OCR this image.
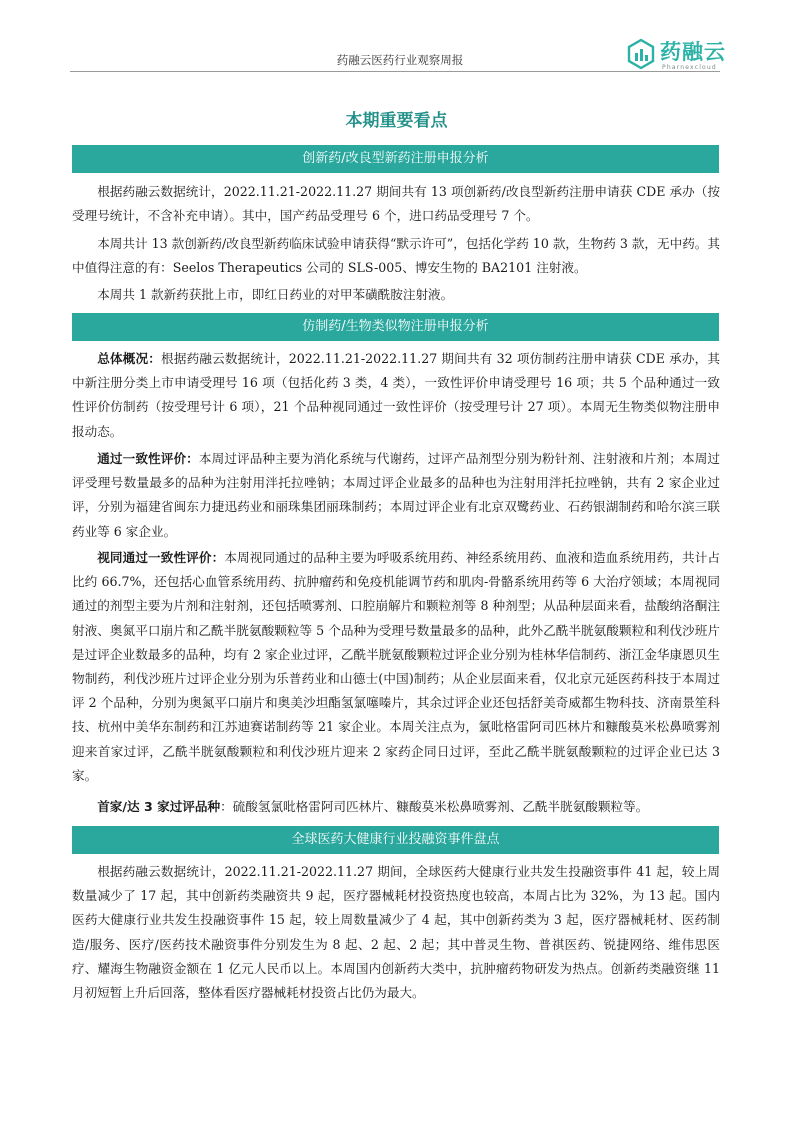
药融云医药行业观察周报	药融云
Pharnexcloud
本期重要看点
创新药/改良型新药注册申报分析

根据药融云数据统计，2022.11.21-2022.11.27 期间共有 13 项创新药/改良型新药注册申请获 CDE 承办（按受理号统计，不含补充申请）。其中，国产药品受理号 6 个，进口药品受理号 7 个。

本周共计 13 款创新药/改良型新药临床试验申请获得“默示许可”，包括化学药 10 款，生物药 3 款，无中药。其中值得注意的有：Seelos Therapeutics 公司的 SLS-005、博安生物的 BA2101 注射液。

本周共 1 款新药获批上市，即红日药业的对甲苯磺酰胺注射液。

仿制药/生物类似物注册申报分析

总体概况：根据药融云数据统计，2022.11.21-2022.11.27 期间共有 32 项仿制药注册申请获 CDE 承办，其中新注册分类上市申请受理号 16 项（包括化药 3 类，4 类），一致性评价申请受理号 16 项；共 5 个品种通过一致性评价仿制药（按受理号计 6 项），21 个品种视同通过一致性评价（按受理号计 27 项）。本周无生物类似物注册申报动态。

通过一致性评价：本周过评品种主要为消化系统与代谢药，过评产品剂型分别为粉针剂、注射液和片剂；本周过评受理号数量最多的品种为注射用泮托拉唑钠；本周过评企业最多的品种也为注射用泮托拉唑钠，共有 2 家企业过评，分别为福建省闽东力捷迅药业和丽珠集团丽珠制药；本周过评企业有北京双鹭药业、石药银湖制药和哈尔滨三联药业等 6 家企业。

视同通过一致性评价：本周视同通过的品种主要为呼吸系统用药、神经系统用药、血液和造血系统用药，共计占比约 66.7%，还包括心血管系统用药、抗肿瘤药和免疫机能调节药和肌肉-骨骼系统用药等 6 大治疗领域；本周视同通过的剂型主要为片剂和注射剂，还包括喷雾剂、口腔崩解片和颗粒剂等 8 种剂型；从品种层面来看，盐酸纳洛酮注射液、奥氮平口崩片和乙酰半胱氨酸颗粒等 5 个品种为受理号数量最多的品种，此外乙酰半胱氨酸颗粒和利伐沙班片是过评企业数最多的品种，均有 2 家企业过评，乙酰半胱氨酸颗粒过评企业分别为桂林华信制药、浙江金华康恩贝生物制药，利伐沙班片过评企业分别为乐普药业和山德士(中国)制药；从企业层面来看，仅北京元延医药科技于本周过评 2 个品种，分别为奥氮平口崩片和奥美沙坦酯氢氯噻嗪片，其余过评企业还包括舒美奇威都生物科技、济南景笙科技、杭州中美华东制药和江苏迪赛诺制药等 21 家企业。本周关注点为，氯吡格雷阿司匹林片和糠酸莫米松鼻喷雾剂迎来首家过评，乙酰半胱氨酸颗粒和利伐沙班片迎来 2 家药企同日过评，至此乙酰半胱氨酸颗粒的过评企业已达 3 家。

首家/达 3 家过评品种：硫酸氢氯吡格雷阿司匹林片、糠酸莫米松鼻喷雾剂、乙酰半胱氨酸颗粒等。

全球医药大健康行业投融资事件盘点

根据药融云数据统计，2022.11.21-2022.11.27 期间，全球医药大健康行业共发生投融资事件 41 起，较上周数量减少了 17 起，其中创新药类融资共 9 起，医疗器械耗材投资热度也较高，本周占比为 32%，为 13 起。国内医药大健康行业共发生投融资事件 15 起，较上周数量减少了 4 起，其中创新药类为 3 起，医疗器械耗材、医药制造/服务、医疗/医药技术融资事件分别发生为 8 起、2 起、2 起；其中普灵生物、普祺医药、锐捷网络、维伟思医疗、耀海生物融资金额在 1 亿元人民币以上。本周国内创新药大类中，抗肿瘤药物研发为热点。创新药类融资继 11 月初短暂上升后回落，整体看医疗器械耗材投资占比仍为最大。
